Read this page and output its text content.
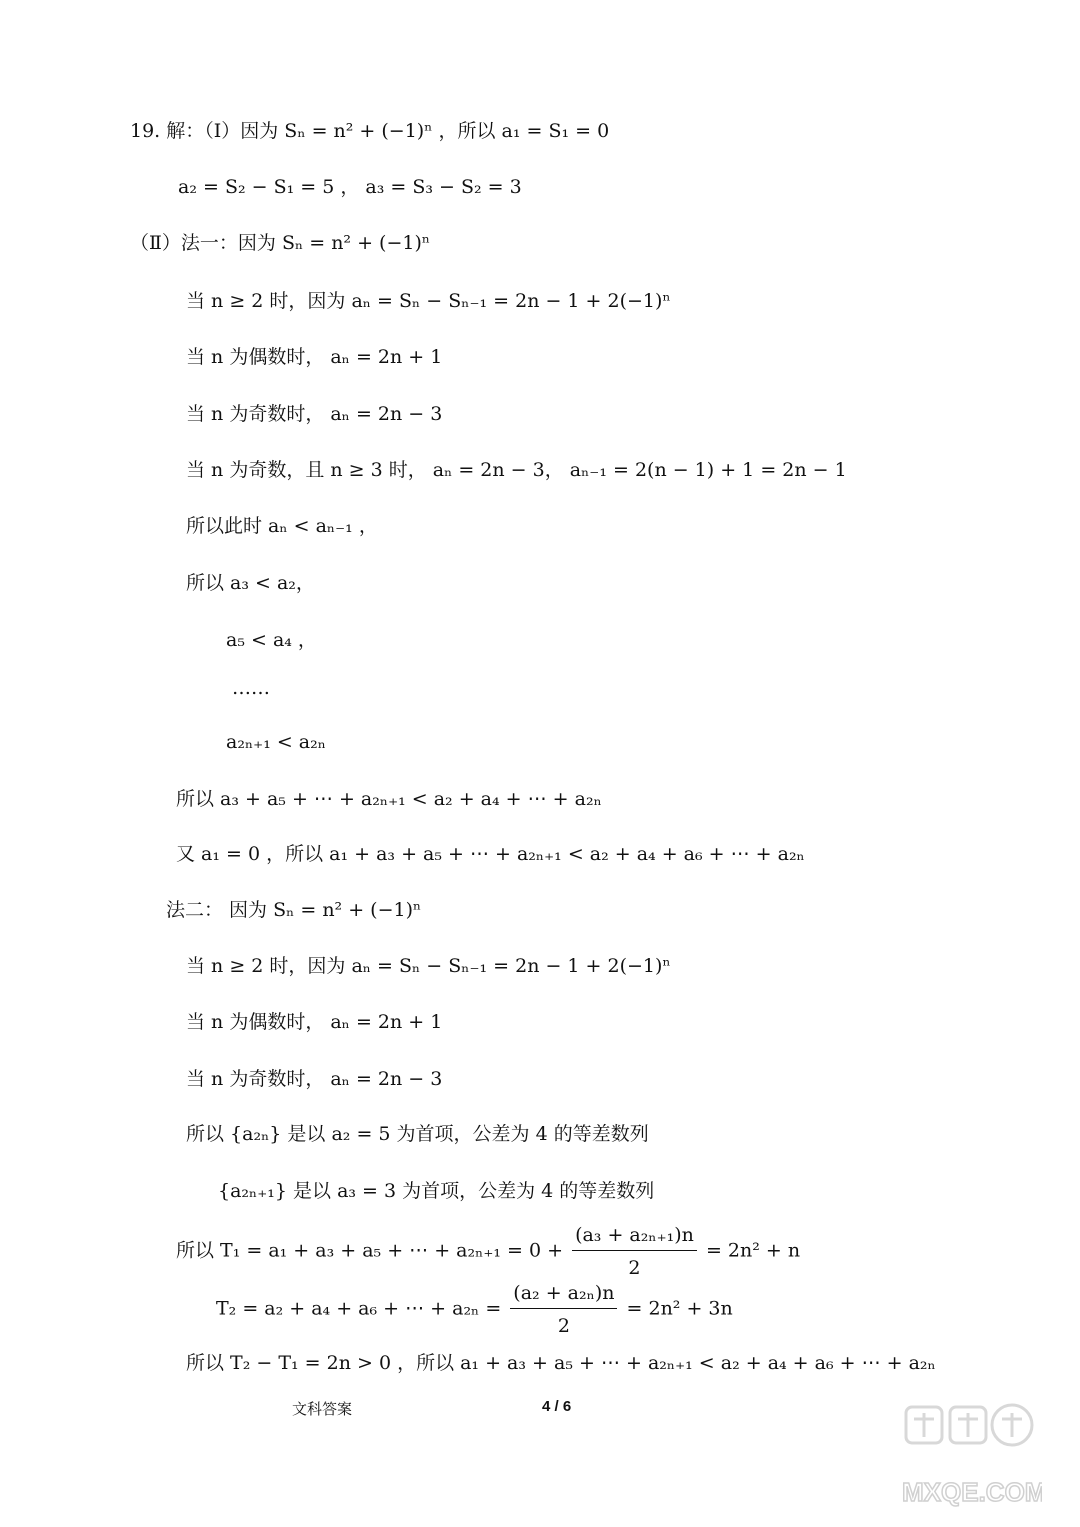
19. 解：（Ⅰ）因为 Sₙ = n² + (−1)ⁿ ，所以 a₁ = S₁ = 0
a₂ = S₂ − S₁ = 5 ， a₃ = S₃ − S₂ = 3
（Ⅱ）法一：因为 Sₙ = n² + (−1)ⁿ
当 n ≥ 2 时，因为 aₙ = Sₙ − Sₙ₋₁ = 2n − 1 + 2(−1)ⁿ
当 n 为偶数时， aₙ = 2n + 1
当 n 为奇数时， aₙ = 2n − 3
当 n 为奇数，且 n ≥ 3 时， aₙ = 2n − 3， aₙ₋₁ = 2(n − 1) + 1 = 2n − 1
所以此时 aₙ < aₙ₋₁ ，
所以 a₃ < a₂，
a₅ < a₄ ，
……
a₂ₙ₊₁ < a₂ₙ
所以 a₃ + a₅ + ⋯ + a₂ₙ₊₁ < a₂ + a₄ + ⋯ + a₂ₙ
又 a₁ = 0 ，所以 a₁ + a₃ + a₅ + ⋯ + a₂ₙ₊₁ < a₂ + a₄ + a₆ + ⋯ + a₂ₙ
法二： 因为 Sₙ = n² + (−1)ⁿ
当 n ≥ 2 时，因为 aₙ = Sₙ − Sₙ₋₁ = 2n − 1 + 2(−1)ⁿ
当 n 为偶数时， aₙ = 2n + 1
当 n 为奇数时， aₙ = 2n − 3
所以 {a₂ₙ} 是以 a₂ = 5 为首项，公差为 4 的等差数列
{a₂ₙ₊₁} 是以 a₃ = 3 为首项，公差为 4 的等差数列
所以 T₁ = a₁ + a₃ + a₅ + ⋯ + $a_{2n+1} = 0 + \frac{\text{(a₃ + a₂ₙ₊₁)n}}{2} = 2n^2 + n$
T₂ = a₂ + a₄ + a₆ + ⋯ + $a_{2n} = \frac{\text{(a₂ + a₂ₙ)n}}{2} = 2n^2 + 3n$
所以 T₂ − T₁ = 2n > 0 ，所以 a₁ + a₃ + a₅ + ⋯ + a₂ₙ₊₁ < a₂ + a₄ + a₆ + ⋯ + a₂ₙ
文科答案	4 / 6
MXQE.COM
